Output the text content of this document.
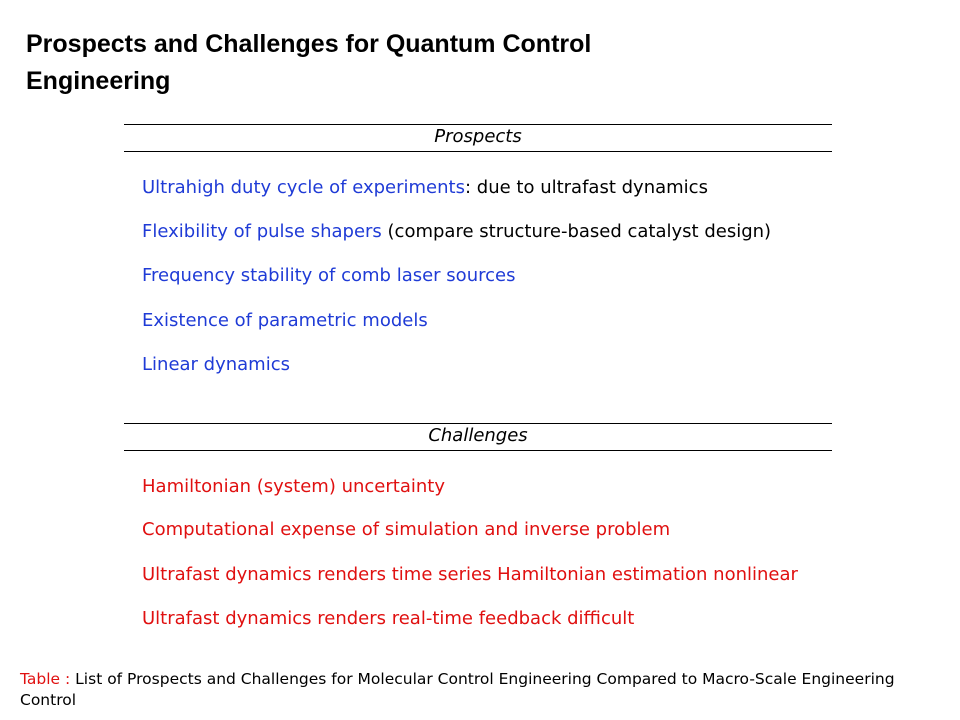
Prospects and Challenges for Quantum Control Engineering
Prospects
Ultrahigh duty cycle of experiments: due to ultrafast dynamics
Flexibility of pulse shapers (compare structure-based catalyst design)
Frequency stability of comb laser sources
Existence of parametric models
Linear dynamics
Challenges
Hamiltonian (system) uncertainty
Computational expense of simulation and inverse problem
Ultrafast dynamics renders time series Hamiltonian estimation nonlinear
Ultrafast dynamics renders real-time feedback difficult
Table : List of Prospects and Challenges for Molecular Control Engineering Compared to Macro-Scale Engineering Control
